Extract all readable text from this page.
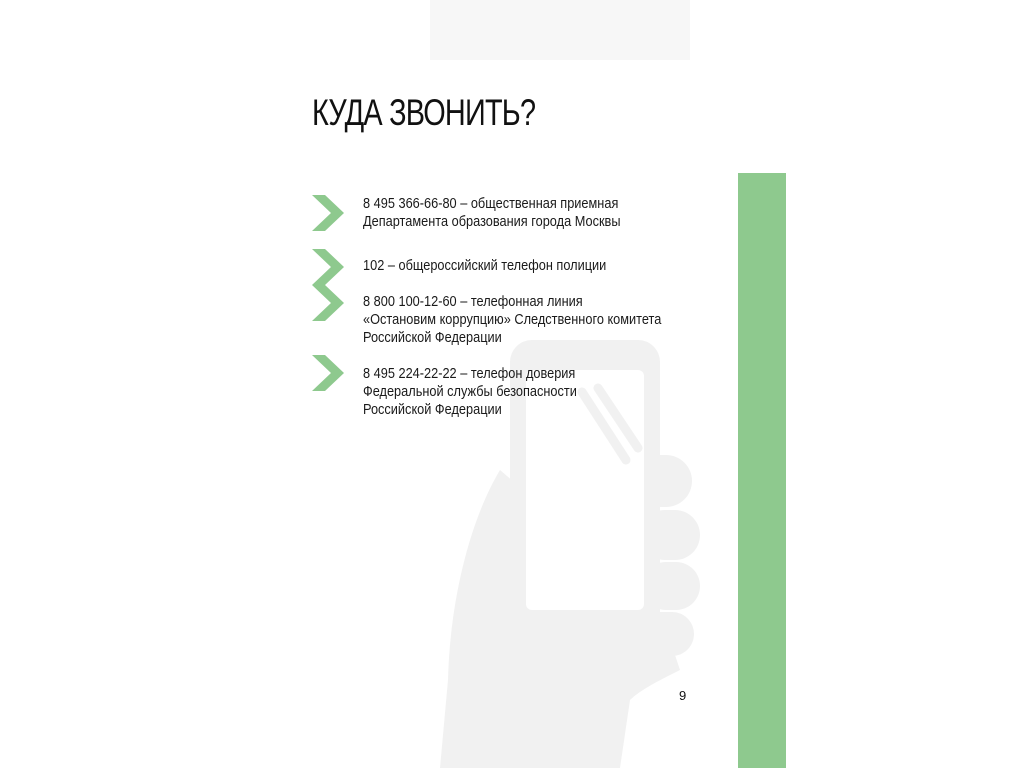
КУДА ЗВОНИТЬ?

8 495 366-66-80 – общественная приемная
Департамента образования города Москвы

102 – общероссийский телефон полиции

8 800 100-12-60 – телефонная линия
«Остановим коррупцию» Следственного комитета
Российской Федерации

8 495 224-22-22 – телефон доверия
Федеральной службы безопасности
Российской Федерации

9
